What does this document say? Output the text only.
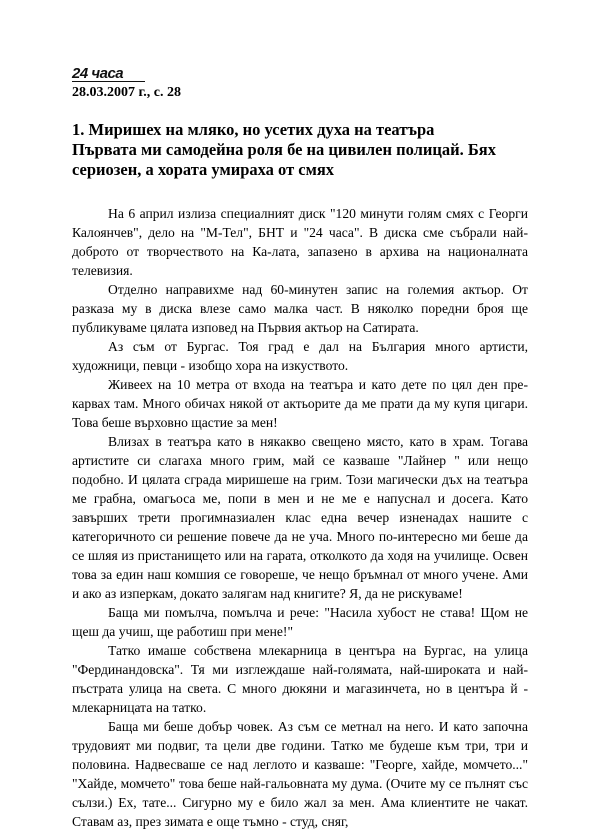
24 часа
28.03.2007 г., с. 28
1. Миришех на мляко, но усетих духа на театъра
Първата ми самодейна роля бе на цивилен полицай. Бях
сериозен, а хората умираха от смях

На 6 април излиза специалният диск "120 минути голям смях с Георги Калоянчев", дело на "М-Тел", БНТ и "24 часа". В диска сме събрали най-доброто от творчеството на Ка-лата, запазено в архива на националната телевизия.

Отделно направихме над 60-минутен запис на големия актьор. От разказа му в диска влезе само малка част. В няколко поредни броя ще публикуваме цялата изповед на Първия актьор на Сатирата.

Аз съм от Бургас. Тоя град е дал на България много артисти, художници, певци - изобщо хора на изкуството.

Живеех на 10 метра от входа на театъра и като дете по цял ден пре-карвах там. Много обичах някой от актьорите да ме прати да му купя цигари. Това беше върховно щастие за мен!

Влизах в театъра като в някакво свещено място, като в храм. Тогава артистите си слагаха много грим, май се казваше "Лайнер " или нещо подобно. И цялата сграда миришеше на грим. Този магически дъх на театъра ме грабна, омагьоса ме, попи в мен и не ме е напуснал и досега. Като завърших трети прогимназиален клас една вечер изненадах нашите с категоричното си решение повече да не уча. Много по-интересно ми беше да се шляя из пристанището или на гарата, отколкото да ходя на училище. Освен това за един наш комшия се говореше, че нещо бръмнал от много учене. Ами и ако аз изперкам, докато залягам над книгите? Я, да не рискуваме!

Баща ми помълча, помълча и рече: "Насила хубост не става! Щом не щеш да учиш, ще работиш при мене!"

Татко имаше собствена млекарница в центъра на Бургас, на улица "Фердинандовска". Тя ми изглеждаше най-голямата, най-широката и най-пъстрата улица на света. С много дюкяни и магазинчета, но в центъра й - млекарницата на татко.

Баща ми беше добър човек. Аз съм се метнал на него. И като започна трудовият ми подвиг, та цели две години. Татко ме будеше към три, три и половина. Надвесваше се над леглото и казваше: "Георге, хайде, момчето..." "Хайде, момчето" това беше най-гальовната му дума. (Очите му се пълнят със сълзи.) Ех, тате... Сигурно му е било жал за мен. Ама клиентите не чакат. Ставам аз, през зимата е още тъмно - студ, сняг,
